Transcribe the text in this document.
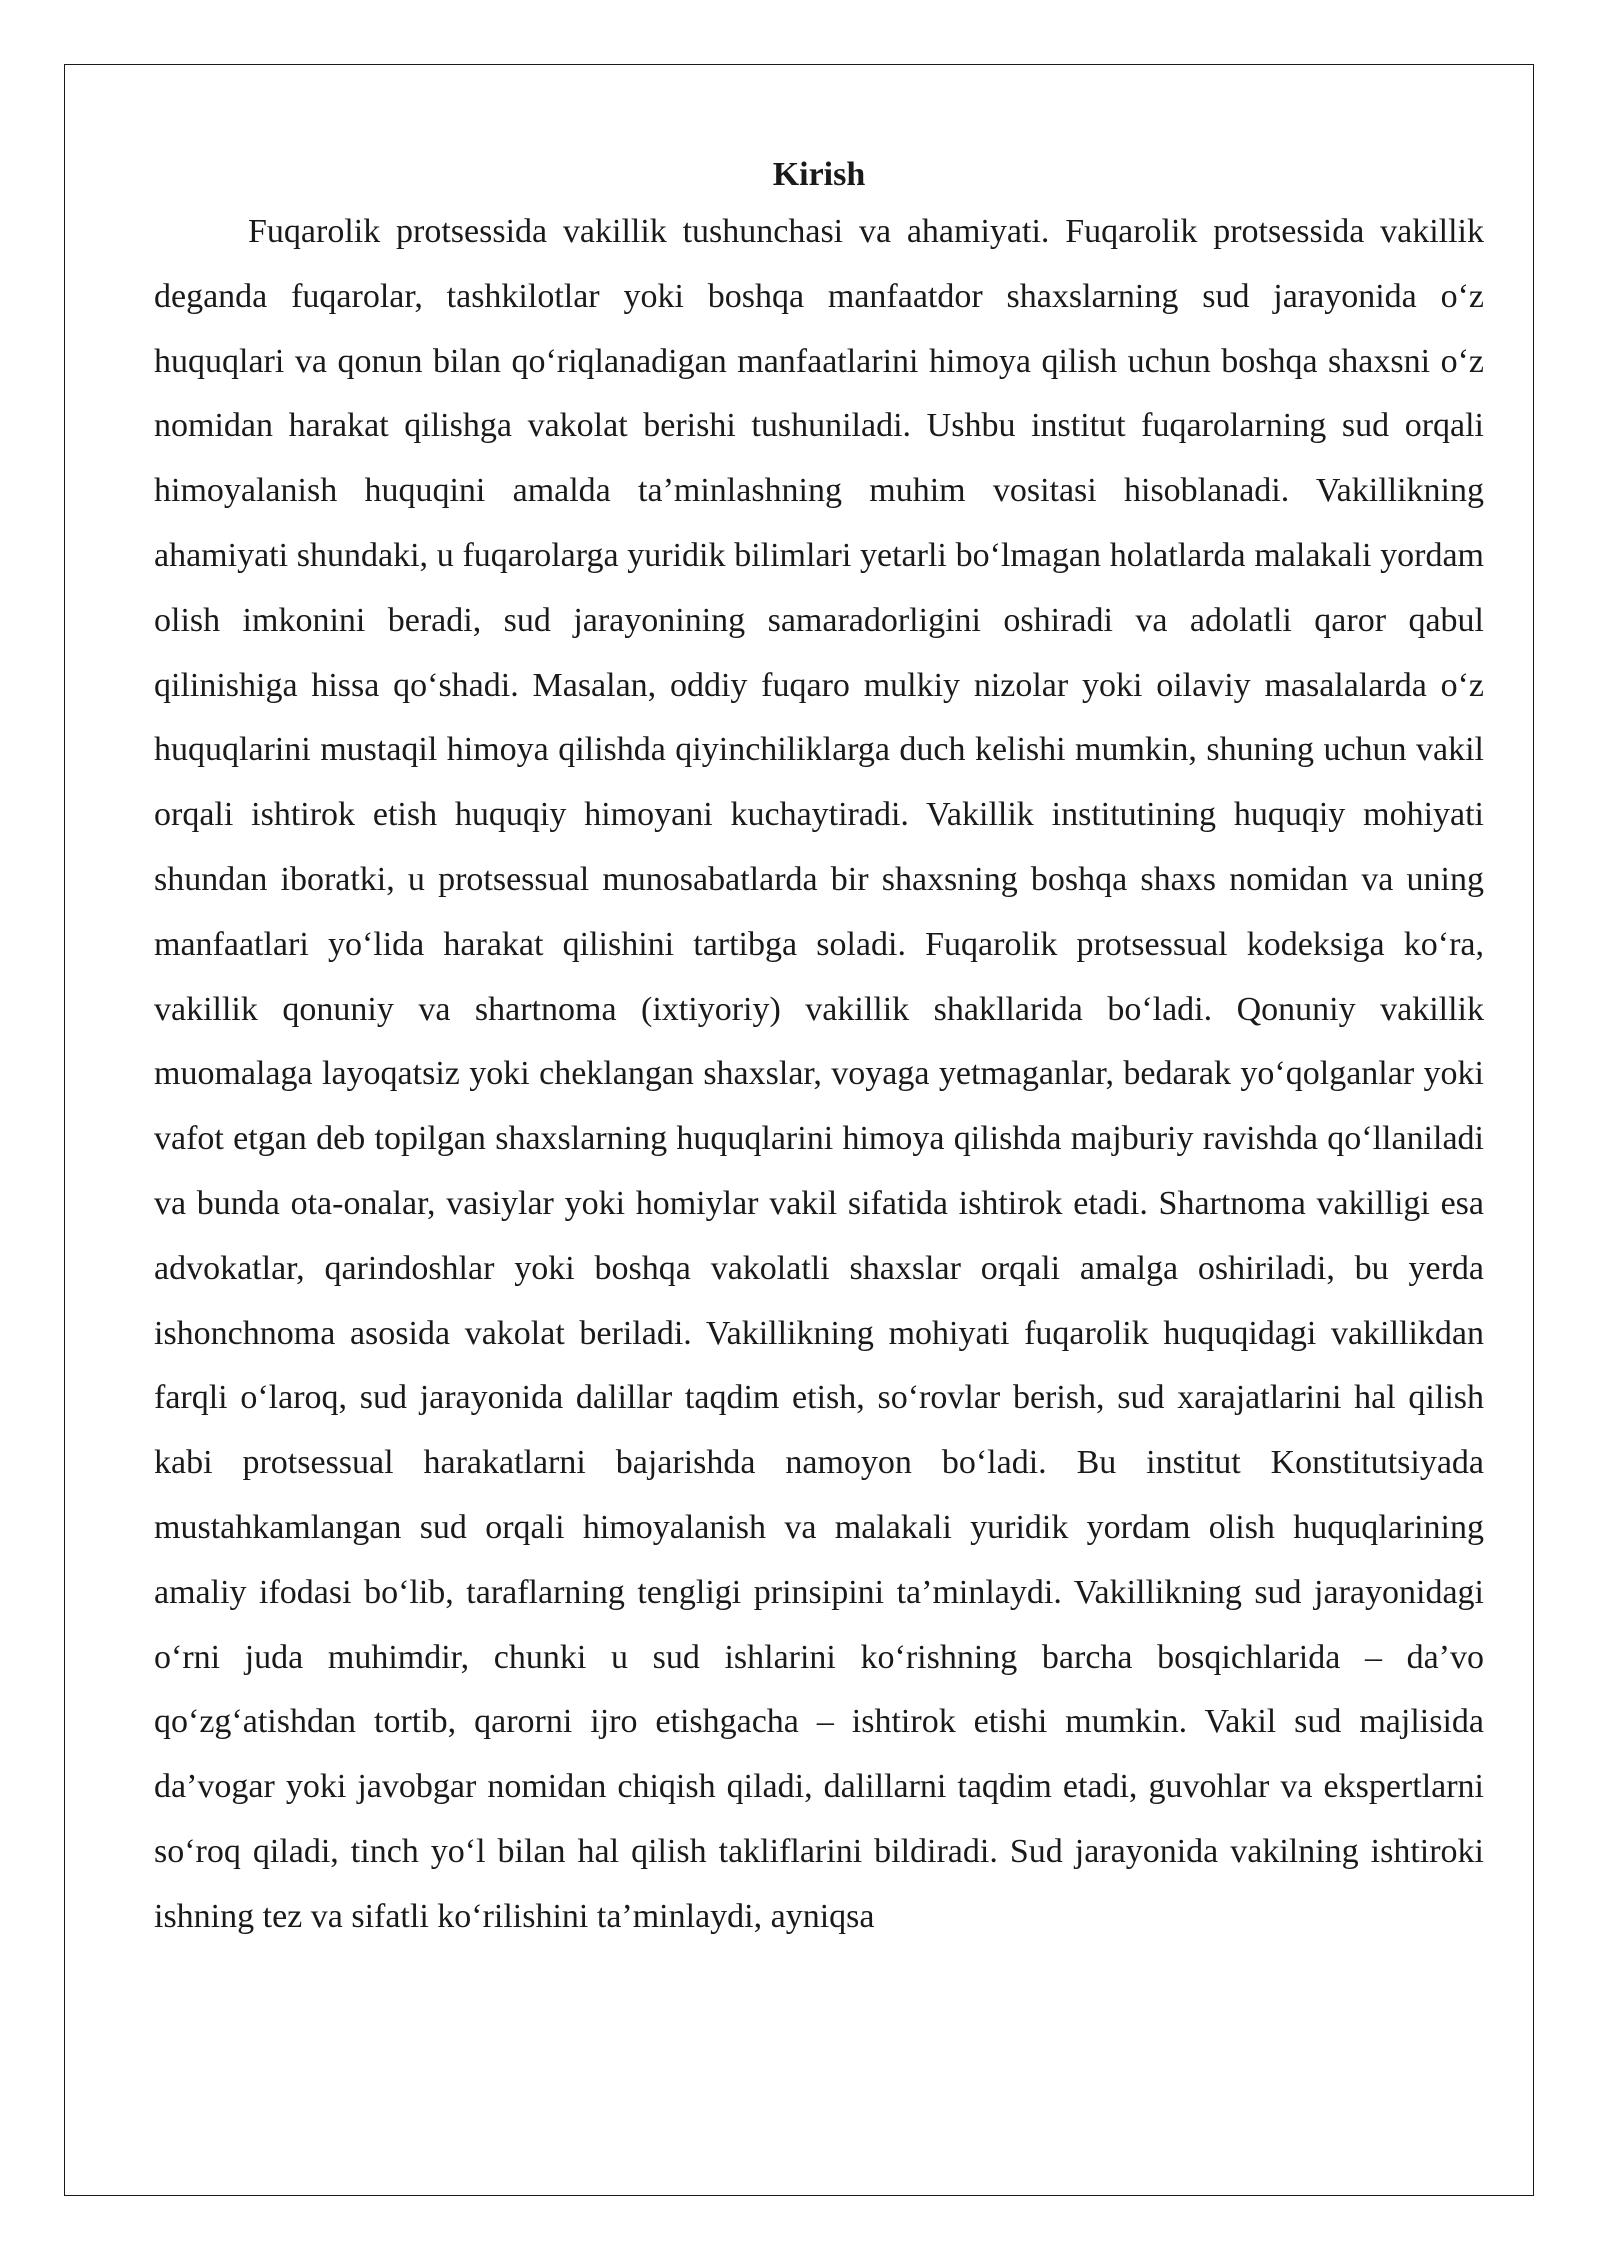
Kirish

Fuqarolik protsessida vakillik tushunchasi va ahamiyati. Fuqarolik protsessida vakillik deganda fuqarolar, tashkilotlar yoki boshqa manfaatdor shaxslarning sud jarayonida o‘z huquqlari va qonun bilan qo‘riqlanadigan manfaatlarini himoya qilish uchun boshqa shaxsni o‘z nomidan harakat qilishga vakolat berishi tushuniladi. Ushbu institut fuqarolarning sud orqali himoyalanish huquqini amalda ta’minlashning muhim vositasi hisoblanadi. Vakillikning ahamiyati shundaki, u fuqarolarga yuridik bilimlari yetarli bo‘lmagan holatlarda malakali yordam olish imkonini beradi, sud jarayonining samaradorligini oshiradi va adolatli qaror qabul qilinishiga hissa qo‘shadi. Masalan, oddiy fuqaro mulkiy nizolar yoki oilaviy masalalarda o‘z huquqlarini mustaqil himoya qilishda qiyinchiliklarga duch kelishi mumkin, shuning uchun vakil orqali ishtirok etish huquqiy himoyani kuchaytiradi. Vakillik institutining huquqiy mohiyati shundan iboratki, u protsessual munosabatlarda bir shaxsning boshqa shaxs nomidan va uning manfaatlari yo‘lida harakat qilishini tartibga soladi. Fuqarolik protsessual kodeksiga ko‘ra, vakillik qonuniy va shartnoma (ixtiyoriy) vakillik shakllarida bo‘ladi. Qonuniy vakillik muomalaga layoqatsiz yoki cheklangan shaxslar, voyaga yetmaganlar, bedarak yo‘qolganlar yoki vafot etgan deb topilgan shaxslarning huquqlarini himoya qilishda majburiy ravishda qo‘llaniladi va bunda ota-onalar, vasiylar yoki homiylar vakil sifatida ishtirok etadi. Shartnoma vakilligi esa advokatlar, qarindoshlar yoki boshqa vakolatli shaxslar orqali amalga oshiriladi, bu yerda ishonchnoma asosida vakolat beriladi. Vakillikning mohiyati fuqarolik huquqidagi vakillikdan farqli o‘laroq, sud jarayonida dalillar taqdim etish, so‘rovlar berish, sud xarajatlarini hal qilish kabi protsessual harakatlarni bajarishda namoyon bo‘ladi. Bu institut Konstitutsiyada mustahkamlangan sud orqali himoyalanish va malakali yuridik yordam olish huquqlarining amaliy ifodasi bo‘lib, taraflarning tengligi prinsipini ta’minlaydi. Vakillikning sud jarayonidagi o‘rni juda muhimdir, chunki u sud ishlarini ko‘rishning barcha bosqichlarida – da’vo qo‘zg‘atishdan tortib, qarorni ijro etishgacha – ishtirok etishi mumkin. Vakil sud majlisida da’vogar yoki javobgar nomidan chiqish qiladi, dalillarni taqdim etadi, guvohlar va ekspertlarni so‘roq qiladi, tinch yo‘l bilan hal qilish takliflarini bildiradi. Sud jarayonida vakilning ishtiroki ishning tez va sifatli ko‘rilishini ta’minlaydi, ayniqsa
